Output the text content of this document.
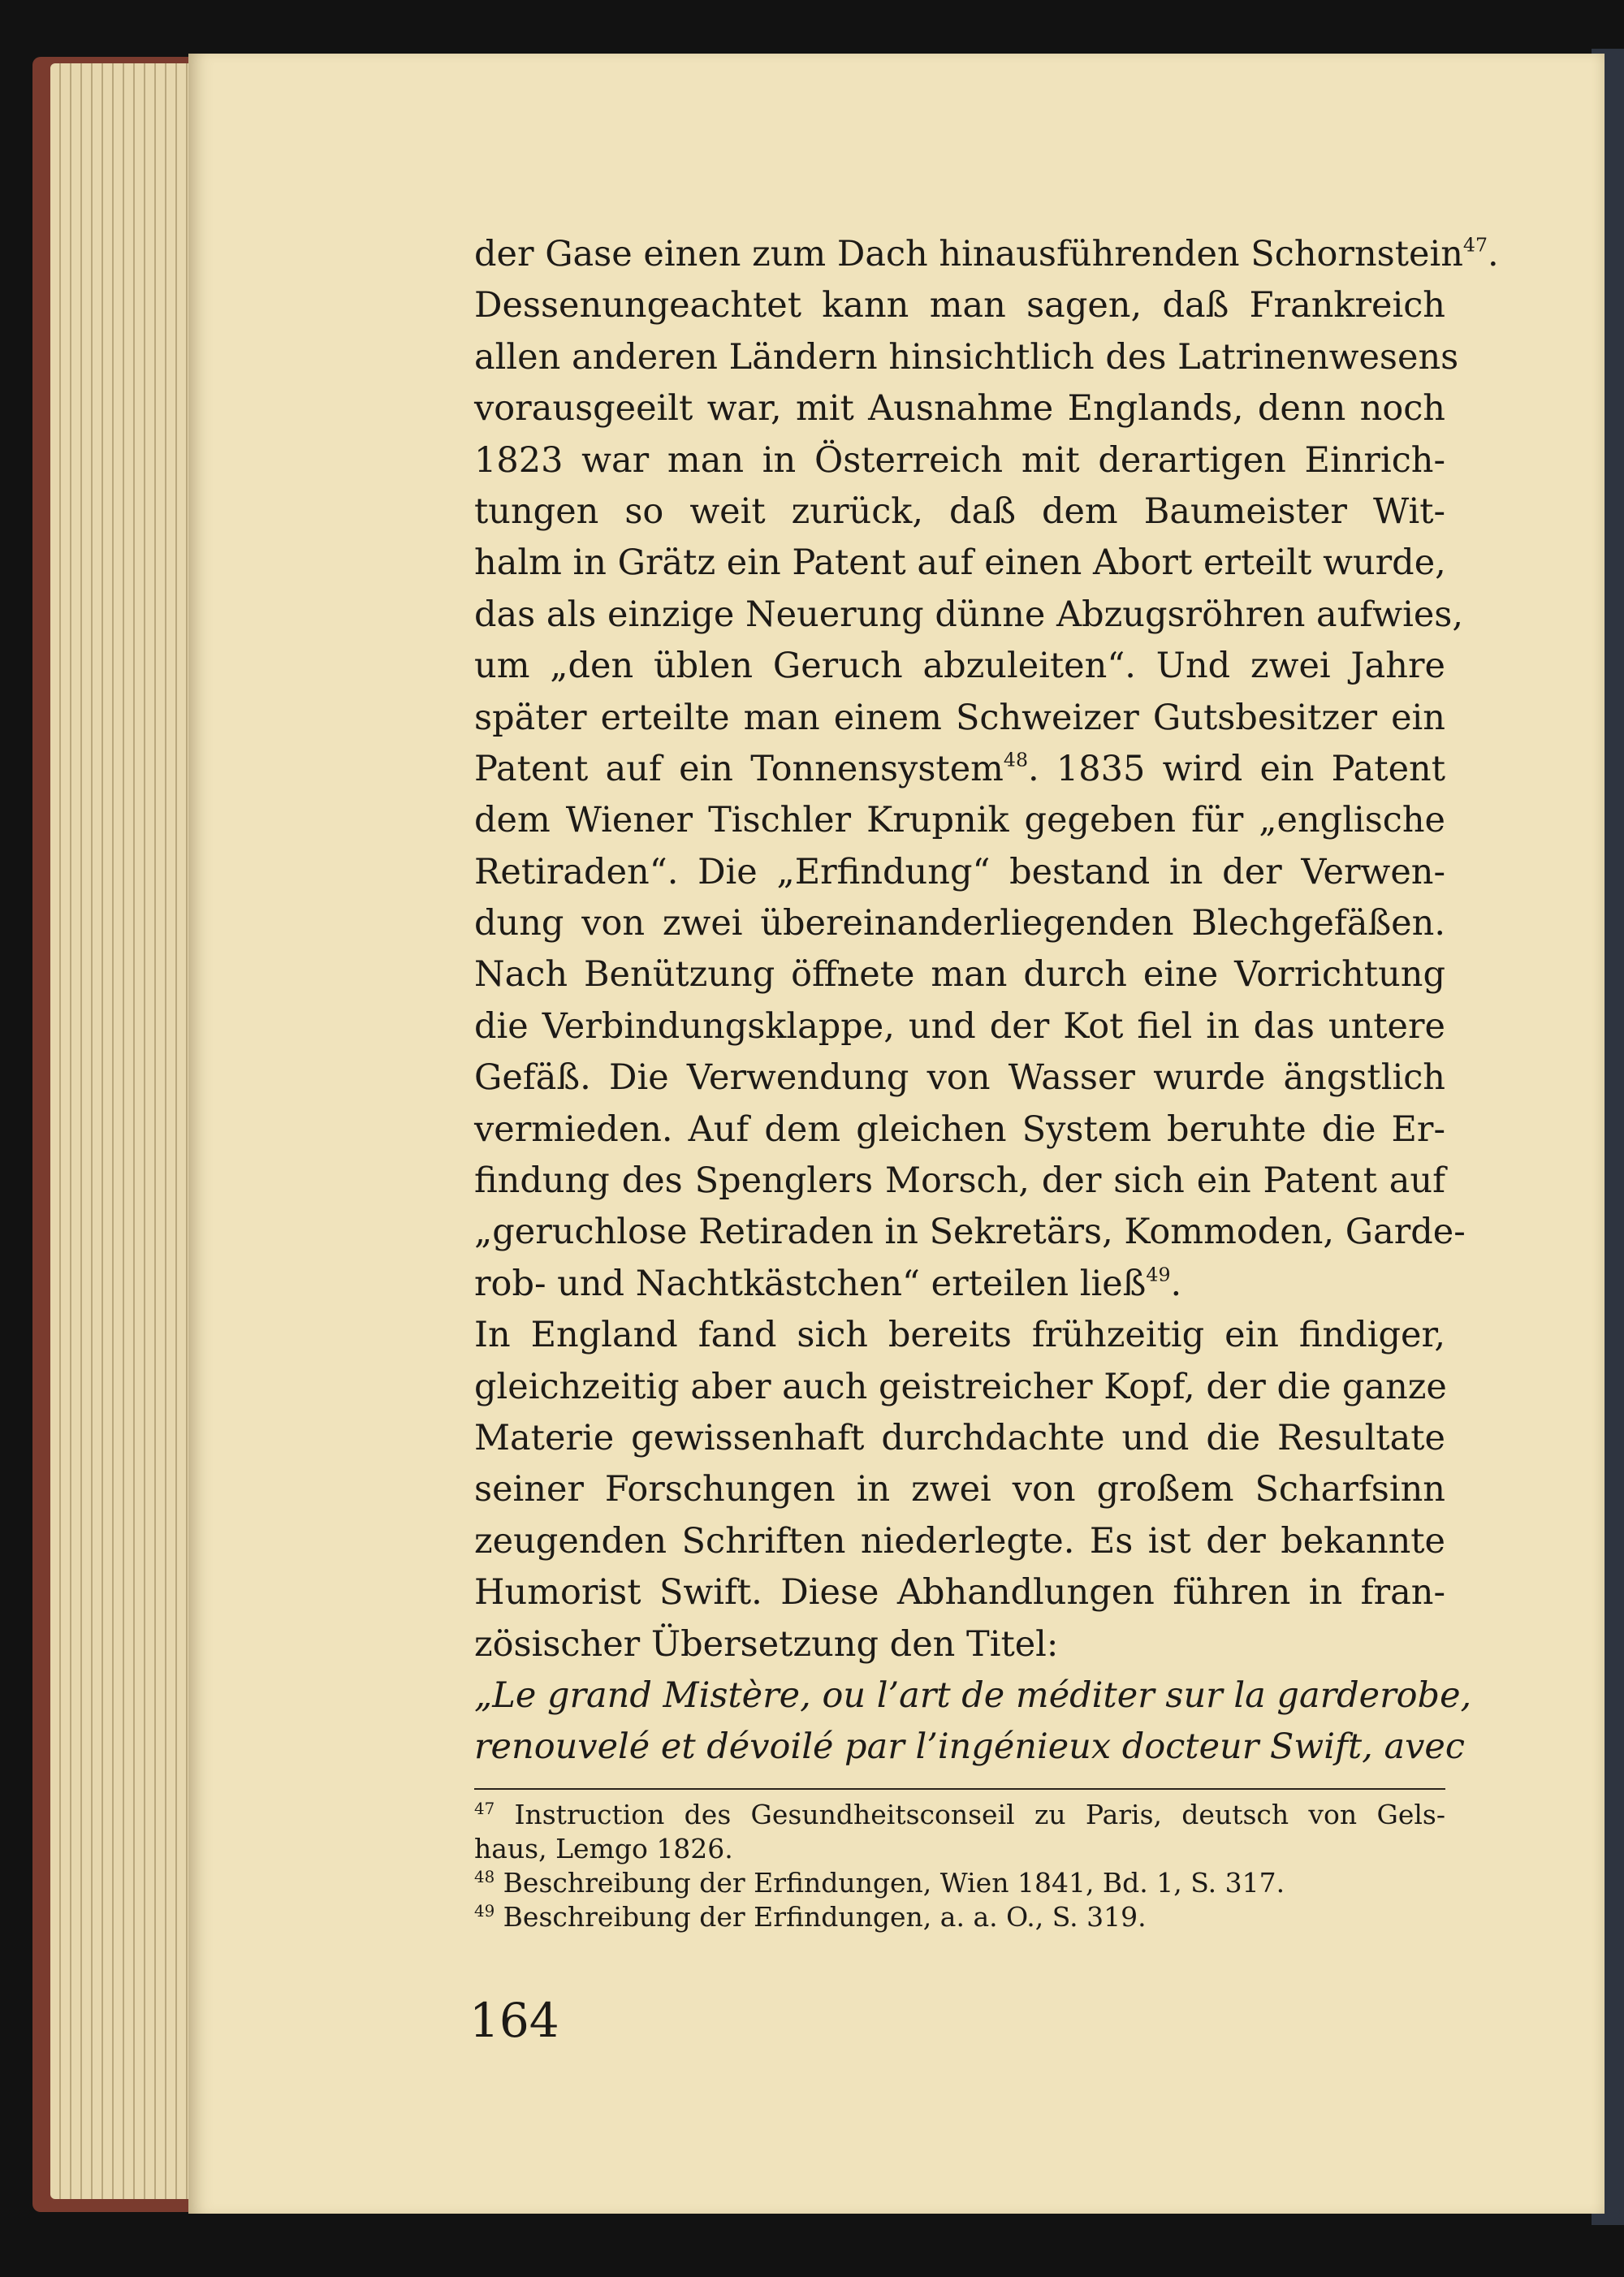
der Gase einen zum Dach hinausführenden Schornstein$^{47}$.
Dessenungeachtet kann man sagen, daß Frankreich
allen anderen Ländern hinsichtlich des Latrinenwesens
vorausgeeilt war, mit Ausnahme Englands, denn noch
1823 war man in Österreich mit derartigen Einrich-
tungen so weit zurück, daß dem Baumeister Wit-
halm in Grätz ein Patent auf einen Abort erteilt wurde,
das als einzige Neuerung dünne Abzugsröhren aufwies,
um „den üblen Geruch abzuleiten“. Und zwei Jahre
später erteilte man einem Schweizer Gutsbesitzer ein
Patent auf ein Tonnensystem$^{48}$. 1835 wird ein Patent
dem Wiener Tischler Krupnik gegeben für „englische
Retiraden“. Die „Erfindung“ bestand in der Verwen-
dung von zwei übereinanderliegenden Blechgefäßen.
Nach Benützung öffnete man durch eine Vorrichtung
die Verbindungsklappe, und der Kot fiel in das untere
Gefäß. Die Verwendung von Wasser wurde ängstlich
vermieden. Auf dem gleichen System beruhte die Er-
findung des Spenglers Morsch, der sich ein Patent auf
„geruchlose Retiraden in Sekretärs, Kommoden, Garde-
rob- und Nachtkästchen“ erteilen ließ$^{49}$.
In England fand sich bereits frühzeitig ein findiger,
gleichzeitig aber auch geistreicher Kopf, der die ganze
Materie gewissenhaft durchdachte und die Resultate
seiner Forschungen in zwei von großem Scharfsinn
zeugenden Schriften niederlegte. Es ist der bekannte
Humorist Swift. Diese Abhandlungen führen in fran-
zösischer Übersetzung den Titel:
„Le grand Mistère, ou l’art de méditer sur la garderobe,
renouvelé et dévoilé par l’ingénieux docteur Swift, avec
$^{47}$ Instruction des Gesundheitsconseil zu Paris, deutsch von Gels-
haus, Lemgo 1826.
$^{48}$ Beschreibung der Erfindungen, Wien 1841, Bd. 1, S. 317.
$^{49}$ Beschreibung der Erfindungen, a. a. O., S. 319.
164
